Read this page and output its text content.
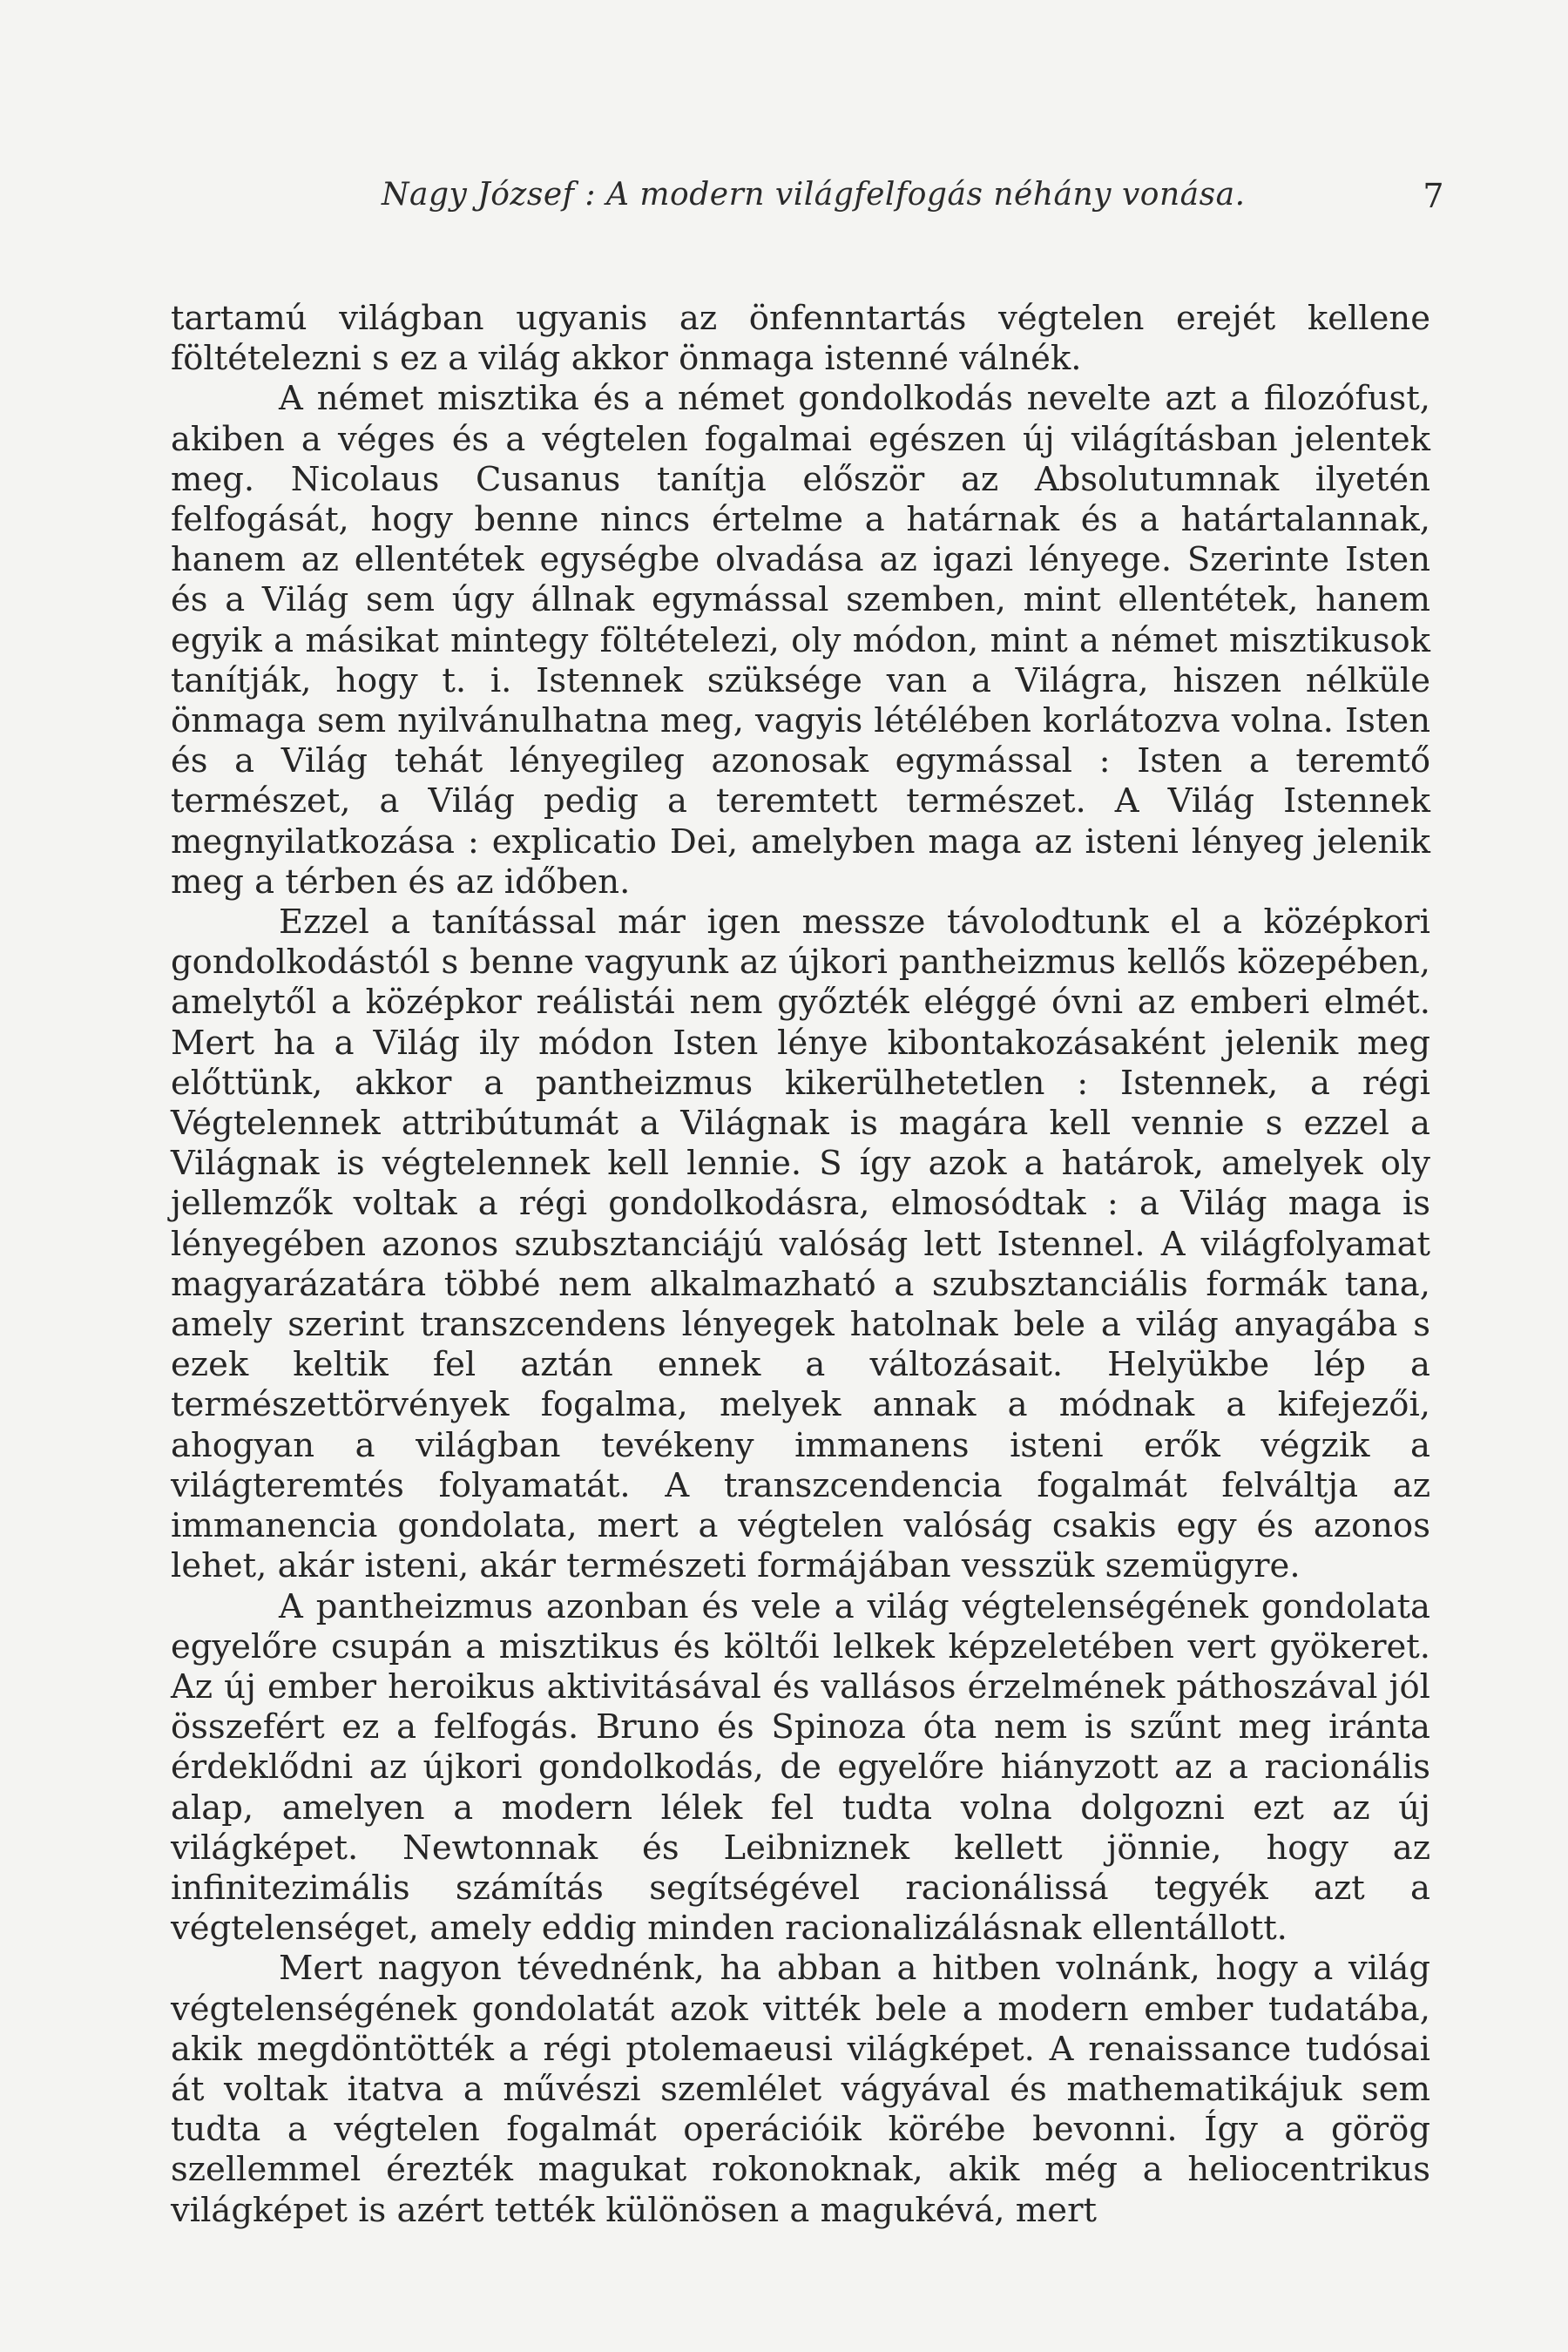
Nagy József : A modern világfelfogás néhány vonása.	7

tartamú világban ugyanis az önfenntartás végtelen erejét kellene föltételezni s ez a világ akkor önmaga istenné válnék.

A német misztika és a német gondolkodás nevelte azt a filozófust, akiben a véges és a végtelen fogalmai egészen új világításban jelentek meg. Nicolaus Cusanus tanítja először az Absolutumnak ilyetén felfogását, hogy benne nincs értelme a határnak és a határtalannak, hanem az ellentétek egységbe olvadása az igazi lényege. Szerinte Isten és a Világ sem úgy állnak egymással szemben, mint ellentétek, hanem egyik a másikat mintegy föltételezi, oly módon, mint a német misztikusok tanítják, hogy t. i. Istennek szüksége van a Világra, hiszen nélküle önmaga sem nyilvánulhatna meg, vagyis létélében korlátozva volna. Isten és a Világ tehát lényegileg azonosak egymással : Isten a teremtő természet, a Világ pedig a teremtett természet. A Világ Istennek megnyilatkozása : explicatio Dei, amelyben maga az isteni lényeg jelenik meg a térben és az időben.

Ezzel a tanítással már igen messze távolodtunk el a középkori gondolkodástól s benne vagyunk az újkori pantheizmus kellős közepében, amelytől a középkor reálistái nem győzték eléggé óvni az emberi elmét. Mert ha a Világ ily módon Isten lénye kibontakozásaként jelenik meg előttünk, akkor a pantheizmus kikerülhetetlen : Istennek, a régi Végtelennek attribútumát a Világnak is magára kell vennie s ezzel a Világnak is végtelennek kell lennie. S így azok a határok, amelyek oly jellemzők voltak a régi gondolkodásra, elmosódtak : a Világ maga is lényegében azonos szubsztanciájú valóság lett Istennel. A világfolyamat magyarázatára többé nem alkalmazható a szubsztanciális formák tana, amely szerint transzcendens lényegek hatolnak bele a világ anyagába s ezek keltik fel aztán ennek a változásait. Helyükbe lép a természettörvények fogalma, melyek annak a módnak a kifejezői, ahogyan a világban tevékeny immanens isteni erők végzik a világteremtés folyamatát. A transzcendencia fogalmát felváltja az immanencia gondolata, mert a végtelen valóság csakis egy és azonos lehet, akár isteni, akár természeti formájában vesszük szemügyre.

A pantheizmus azonban és vele a világ végtelenségének gondolata egyelőre csupán a misztikus és költői lelkek képzeletében vert gyökeret. Az új ember heroikus aktivitásával és vallásos érzelmének páthoszával jól összefért ez a felfogás. Bruno és Spinoza óta nem is szűnt meg iránta érdeklődni az újkori gondolkodás, de egyelőre hiányzott az a racionális alap, amelyen a modern lélek fel tudta volna dolgozni ezt az új világképet. Newtonnak és Leibniznek kellett jönnie, hogy az infinitezimális számítás segítségével racionálissá tegyék azt a végtelenséget, amely eddig minden racionalizálásnak ellentállott.

Mert nagyon tévednénk, ha abban a hitben volnánk, hogy a világ végtelenségének gondolatát azok vitték bele a modern ember tudatába, akik megdöntötték a régi ptolemaeusi világképet. A renaissance tudósai át voltak itatva a művészi szemlélet vágyával és mathematikájuk sem tudta a végtelen fogalmát operációik körébe bevonni. Így a görög szellemmel érezték magukat rokonoknak, akik még a heliocentrikus világképet is azért tették különösen a magukévá, mert
